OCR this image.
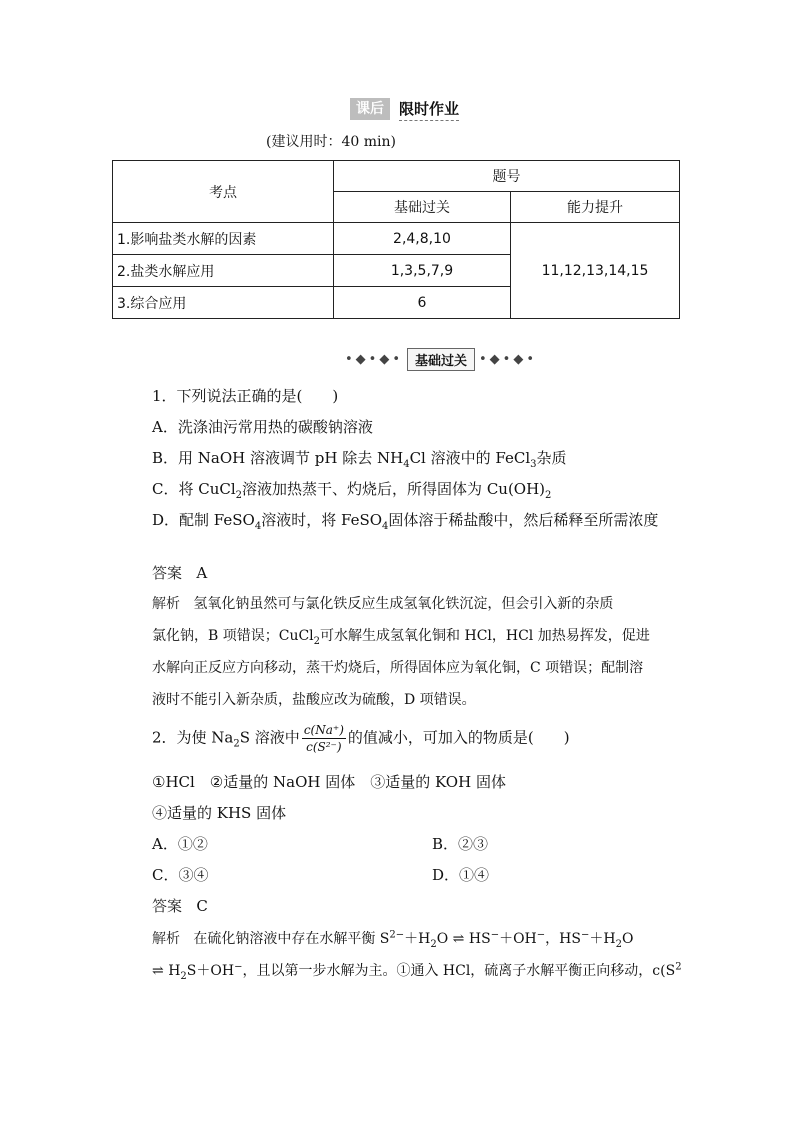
课后	限时作业
(建议用时：40 min)
考点	题号	
	基础过关	能力提升
1.影响盐类水解的因素	2,4,8,10	11,12,13,14,15
2.盐类水解应用	1,3,5,7,9	
3.综合应用	6	
•◆•◆• 基础过关 •◆•◆•
1．下列说法正确的是(　　)
A．洗涤油污常用热的碳酸钠溶液
B．用 NaOH 溶液调节 pH 除去 $NH_4Cl$ 溶液中的 FeCl$_3$杂质
C．将 CuCl$_2$溶液加热蒸干、灼烧后，所得固体为 $Cu(OH)_2$
D．配制 FeSO$_4$溶液时，将 FeSO$_4$固体溶于稀盐酸中，然后稀释至所需浓度
答案 A
解析 氢氧化钠虽然可与氯化铁反应生成氢氧化铁沉淀，但会引入新的杂质
氯化钠，B 项错误；CuCl$_2$可水解生成氢氧化铜和 HCl，HCl 加热易挥发，促进
水解向正反应方向移动，蒸干灼烧后，所得固体应为氧化铜，C 项错误；配制溶
液时不能引入新杂质，盐酸应改为硫酸，D 项错误。
2．为使 $Na_2S$ 溶液中 $\frac{c(Na^+)}{\text{c(S²⁻)}}$ 的值减小，可加入的物质是(　　)
①HCl　②适量的 NaOH 固体　③适量的 KOH 固体
④适量的 KHS 固体
A．①②	B．②③
C．③④	D．①④
答案 C
解析 在硫化钠溶液中存在水解平衡 $S^{2-}+H_2O$ ⇌ HS−＋OH−，$HS^-+H_2O$
⇌ $H_2S+OH^-$，且以第一步水解为主。①通入 HCl，硫离子水解平衡正向移动，$c(S^2$
